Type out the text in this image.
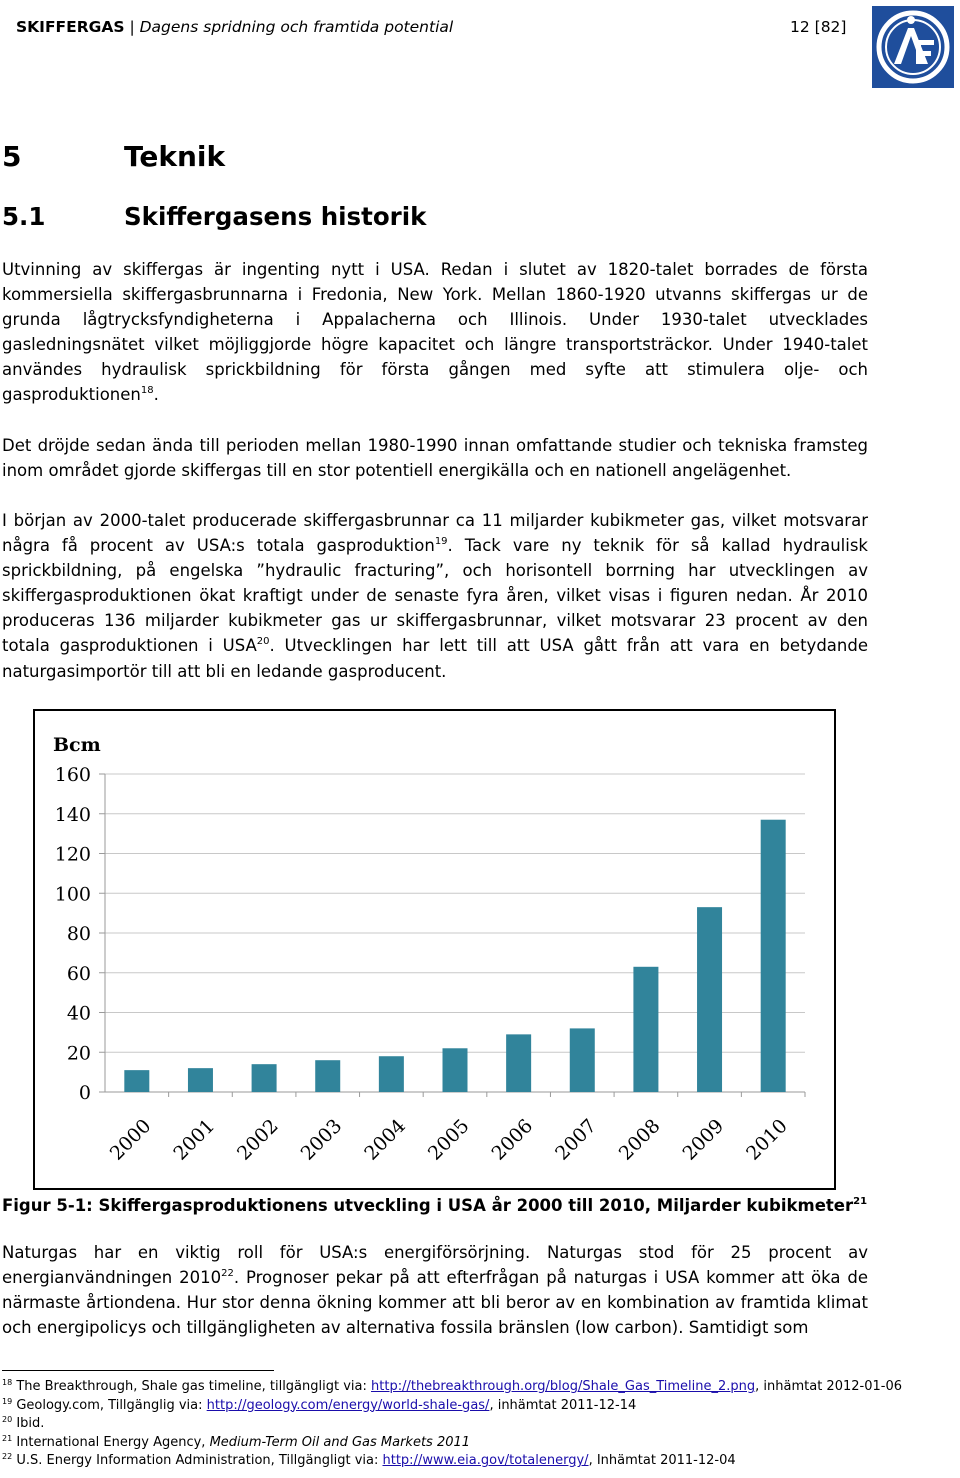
SKIFFERGAS | Dagens spridning och framtida potential	12 [82]
5	Teknik
5.1	Skiffergasens historik

Utvinning av skiffergas är ingenting nytt i USA. Redan i slutet av 1820-talet borrades de första kommersiella skiffergasbrunnarna i Fredonia, New York. Mellan 1860-1920 utvanns skiffergas ur de grunda lågtrycksfyndigheterna i Appalacherna och Illinois. Under 1930-talet utvecklades gasledningsnätet vilket möjliggjorde högre kapacitet och längre transportsträckor. Under 1940-talet användes hydraulisk sprickbildning för första gången med syfte att stimulera olje- och gasproduktionen$^{18}$.

Det dröjde sedan ända till perioden mellan 1980-1990 innan omfattande studier och tekniska framsteg inom området gjorde skiffergas till en stor potentiell energikälla och en nationell angelägenhet.

I början av 2000-talet producerade skiffergasbrunnar ca 11 miljarder kubikmeter gas, vilket motsvarar några få procent av USA:s totala gasproduktion$^{19}$. Tack vare ny teknik för så kallad hydraulisk sprickbildning, på engelska ”hydraulic fracturing”, och horisontell borrning har utvecklingen av skiffergasproduktionen ökat kraftigt under de senaste fyra åren, vilket visas i figuren nedan. År 2010 produceras 136 miljarder kubikmeter gas ur skiffergasbrunnar, vilket motsvarar 23 procent av den totala gasproduktionen i USA$^{20}$. Utvecklingen har lett till att USA gått från att vara en betydande naturgasimportör till att bli en ledande gasproducent.

Bcm
0
20
40
60
80
100
120
140
160
2000 2001 2002 2003 2004 2005 2006 2007 2008 2009 2010
Figur 5-1: Skiffergasproduktionens utveckling i USA år 2000 till 2010, Miljarder kubikmeter$^{21}$

Naturgas har en viktig roll för USA:s energiförsörjning. Naturgas stod för 25 procent av energianvändningen 2010$^{22}$. Prognoser pekar på att efterfrågan på naturgas i USA kommer att öka de närmaste årtiondena. Hur stor denna ökning kommer att bli beror av en kombination av framtida klimat och energipolicys och tillgängligheten av alternativa fossila bränslen (low carbon). Samtidigt som

$^{18}$ The Breakthrough, Shale gas timeline, tillgängligt via: http://thebreakthrough.org/blog/Shale_Gas_Timeline_2.png, inhämtat 2012-01-06
$^{19}$ Geology.com, Tillgänglig via: http://geology.com/energy/world-shale-gas/, inhämtat 2011-12-14
$^{20}$ Ibid.
$^{21}$ International Energy Agency, Medium-Term Oil and Gas Markets 2011
$^{22}$ U.S. Energy Information Administration, Tillgängligt via: http://www.eia.gov/totalenergy/, Inhämtat 2011-12-04
